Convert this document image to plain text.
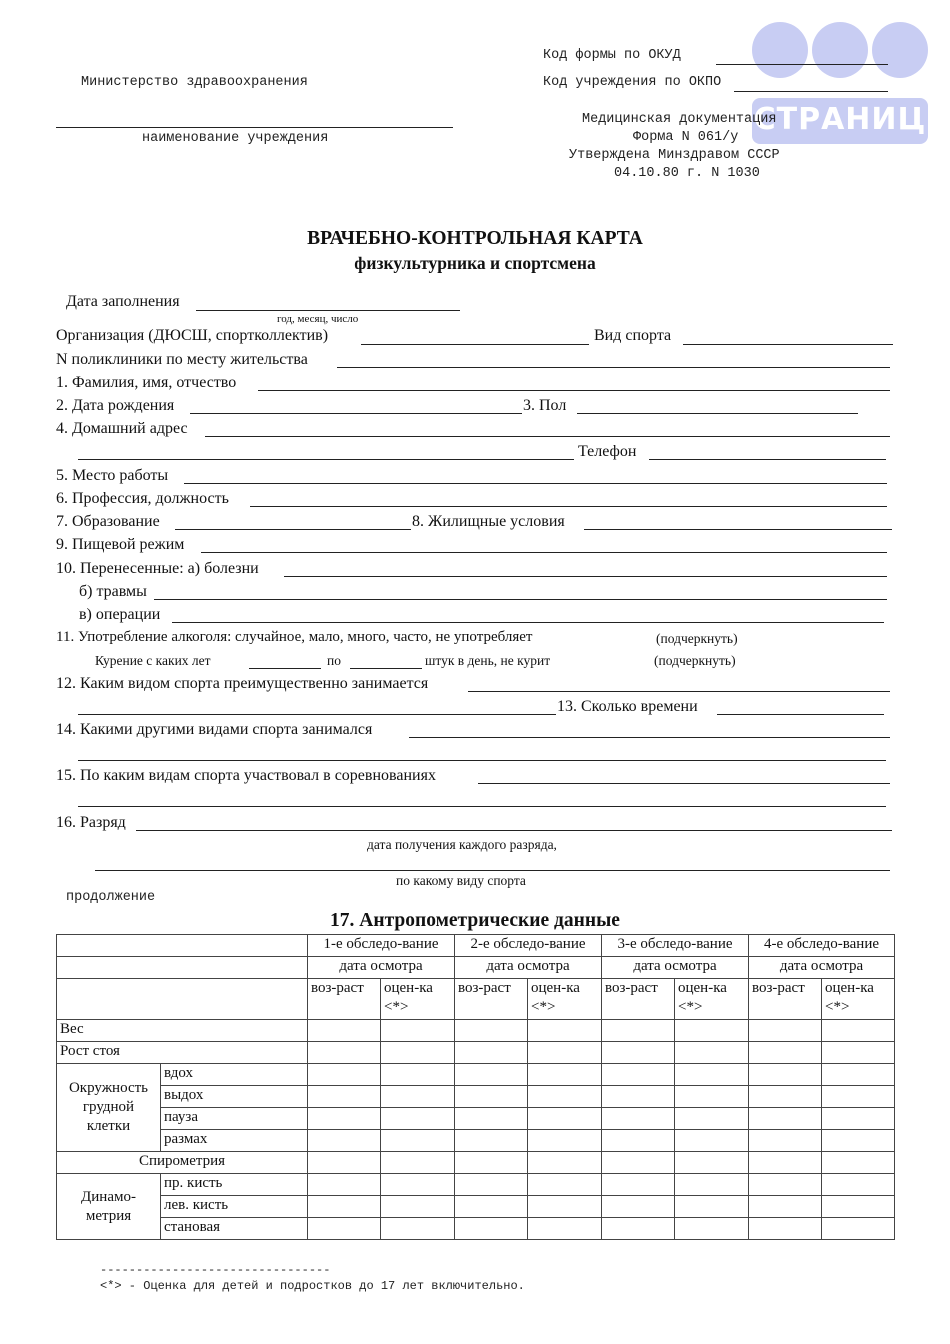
СТРАНИЦ
Код формы по ОКУД
Министерство здравоохранения	Код учреждения по ОКПО
наименование учреждения
Медицинская документация
Форма N 061/у
Утверждена Минздравом СССР
04.10.80 г. N 1030
ВРАЧЕБНО-КОНТРОЛЬНАЯ КАРТА
физкультурника и спортсмена
Дата заполнения
год, месяц, число
Организация (ДЮСШ, спортколлектив)	Вид спорта
N поликлиники по месту жительства
1. Фамилия, имя, отчество
2. Дата рождения	3. Пол
4. Домашний адрес
Телефон
5. Место работы
6. Профессия, должность
7. Образование	8. Жилищные условия
9. Пищевой режим
10. Перенесенные: а) болезни
б) травмы
в) операции
11. Употребление алкоголя: случайное, мало, много, часто, не употребляет	(подчеркнуть)
Курение с каких лет	по	штук в день, не курит	(подчеркнуть)
12. Каким видом спорта преимущественно занимается
13. Сколько времени
14. Какими другими видами спорта занимался
15. По каким видам спорта участвовал в соревнованиях
16. Разряд
дата получения каждого разряда,
по какому виду спорта
продолжение
17. Антропометрические данные
		1-е обследо-вание		2-е обследо-вание		3-е обследо-вание		4-е обследо-вание	
		дата осмотра		дата осмотра		дата осмотра		дата осмотра	
		воз-раст	оцен-ка <*>	воз-раст	оцен-ка <*>	воз-раст	оцен-ка <*>	воз-раст	оцен-ка <*>
Вес									
Рост стоя									
Окружность грудной клетки	вдох								
	выдох								
	пауза								
	размах								
Спирометрия									
Динамо-метрия	пр. кисть								
	лев. кисть								
	становая								
--------------------------------
<*> - Оценка для детей и подростков до 17 лет включительно.
